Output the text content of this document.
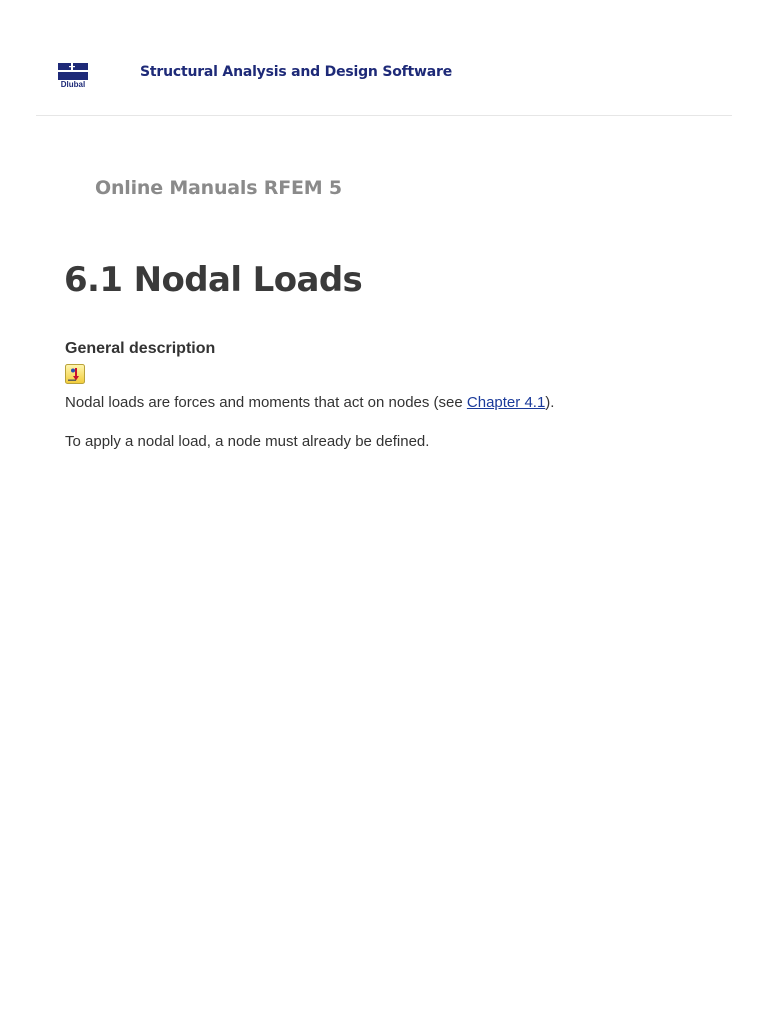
Dlubal
Structural Analysis and Design Software
Online Manuals RFEM 5
6.1 Nodal Loads
General description

Nodal loads are forces and moments that act on nodes (see Chapter 4.1).

To apply a nodal load, a node must already be defined.
